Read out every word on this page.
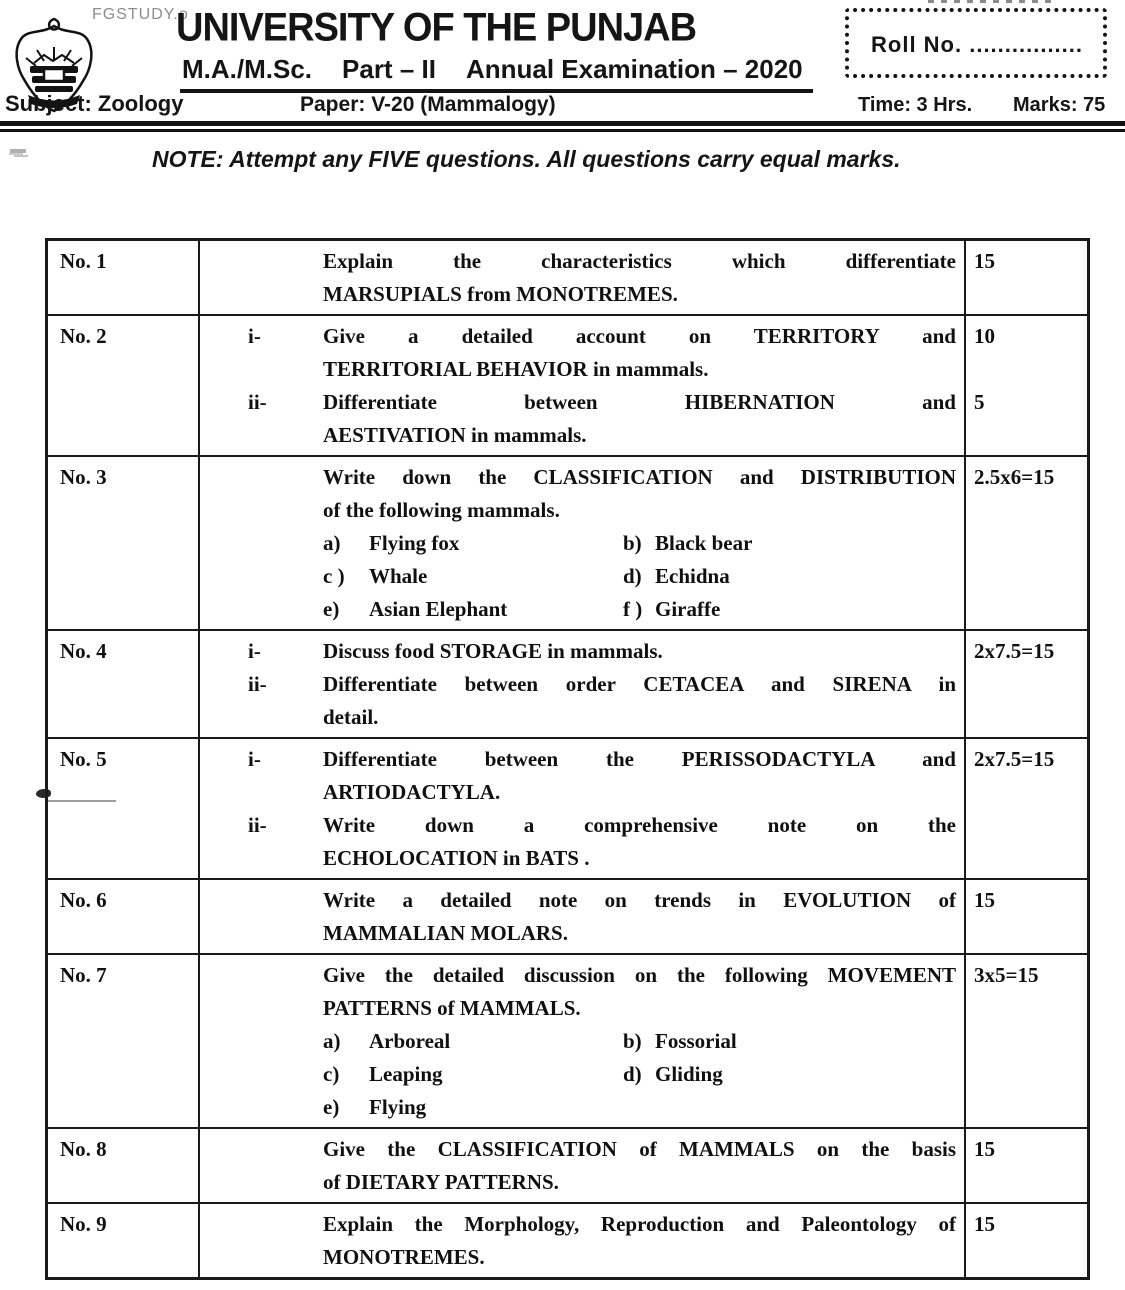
FGSTUDY.o
UNIVERSITY OF THE PUNJAB
M.A./M.Sc. Part – II Annual Examination – 2020
Roll No. ................
Subject: Zoology	Paper: V-20 (Mammalogy)	Time: 3 Hrs. Marks: 75
NOTE: Attempt any FIVE questions. All questions carry equal marks.
No. 1	Explain the characteristics which differentiate
MARSUPIALS from MONOTREMES.
15
No. 2	i-	Give a detailed account on TERRITORY and
TERRITORIAL BEHAVIOR in mammals.
ii-	Differentiate between HIBERNATION and
AESTIVATION in mammals.
10
5
No. 3	Write down the CLASSIFICATION and DISTRIBUTION
of the following mammals.
a) Flying fox	b) Black bear
c ) Whale	d) Echidna
e) Asian Elephant	f ) Giraffe
2.5x6=15
No. 4	i-	Discuss food STORAGE in mammals.
ii-	Differentiate between order CETACEA and SIRENA in
detail.
2x7.5=15
No. 5	i-	Differentiate between the PERISSODACTYLA and
ARTIODACTYLA.
ii-	Write down a comprehensive note on the
ECHOLOCATION in BATS .
2x7.5=15
No. 6	Write a detailed note on trends in EVOLUTION of
MAMMALIAN MOLARS.
15
No. 7	Give the detailed discussion on the following MOVEMENT
PATTERNS of MAMMALS.
a) Arboreal	b) Fossorial
c) Leaping	d) Gliding
e) Flying
3x5=15
No. 8	Give the CLASSIFICATION of MAMMALS on the basis
of DIETARY PATTERNS.
15
No. 9	Explain the Morphology, Reproduction and Paleontology of
MONOTREMES.
15
